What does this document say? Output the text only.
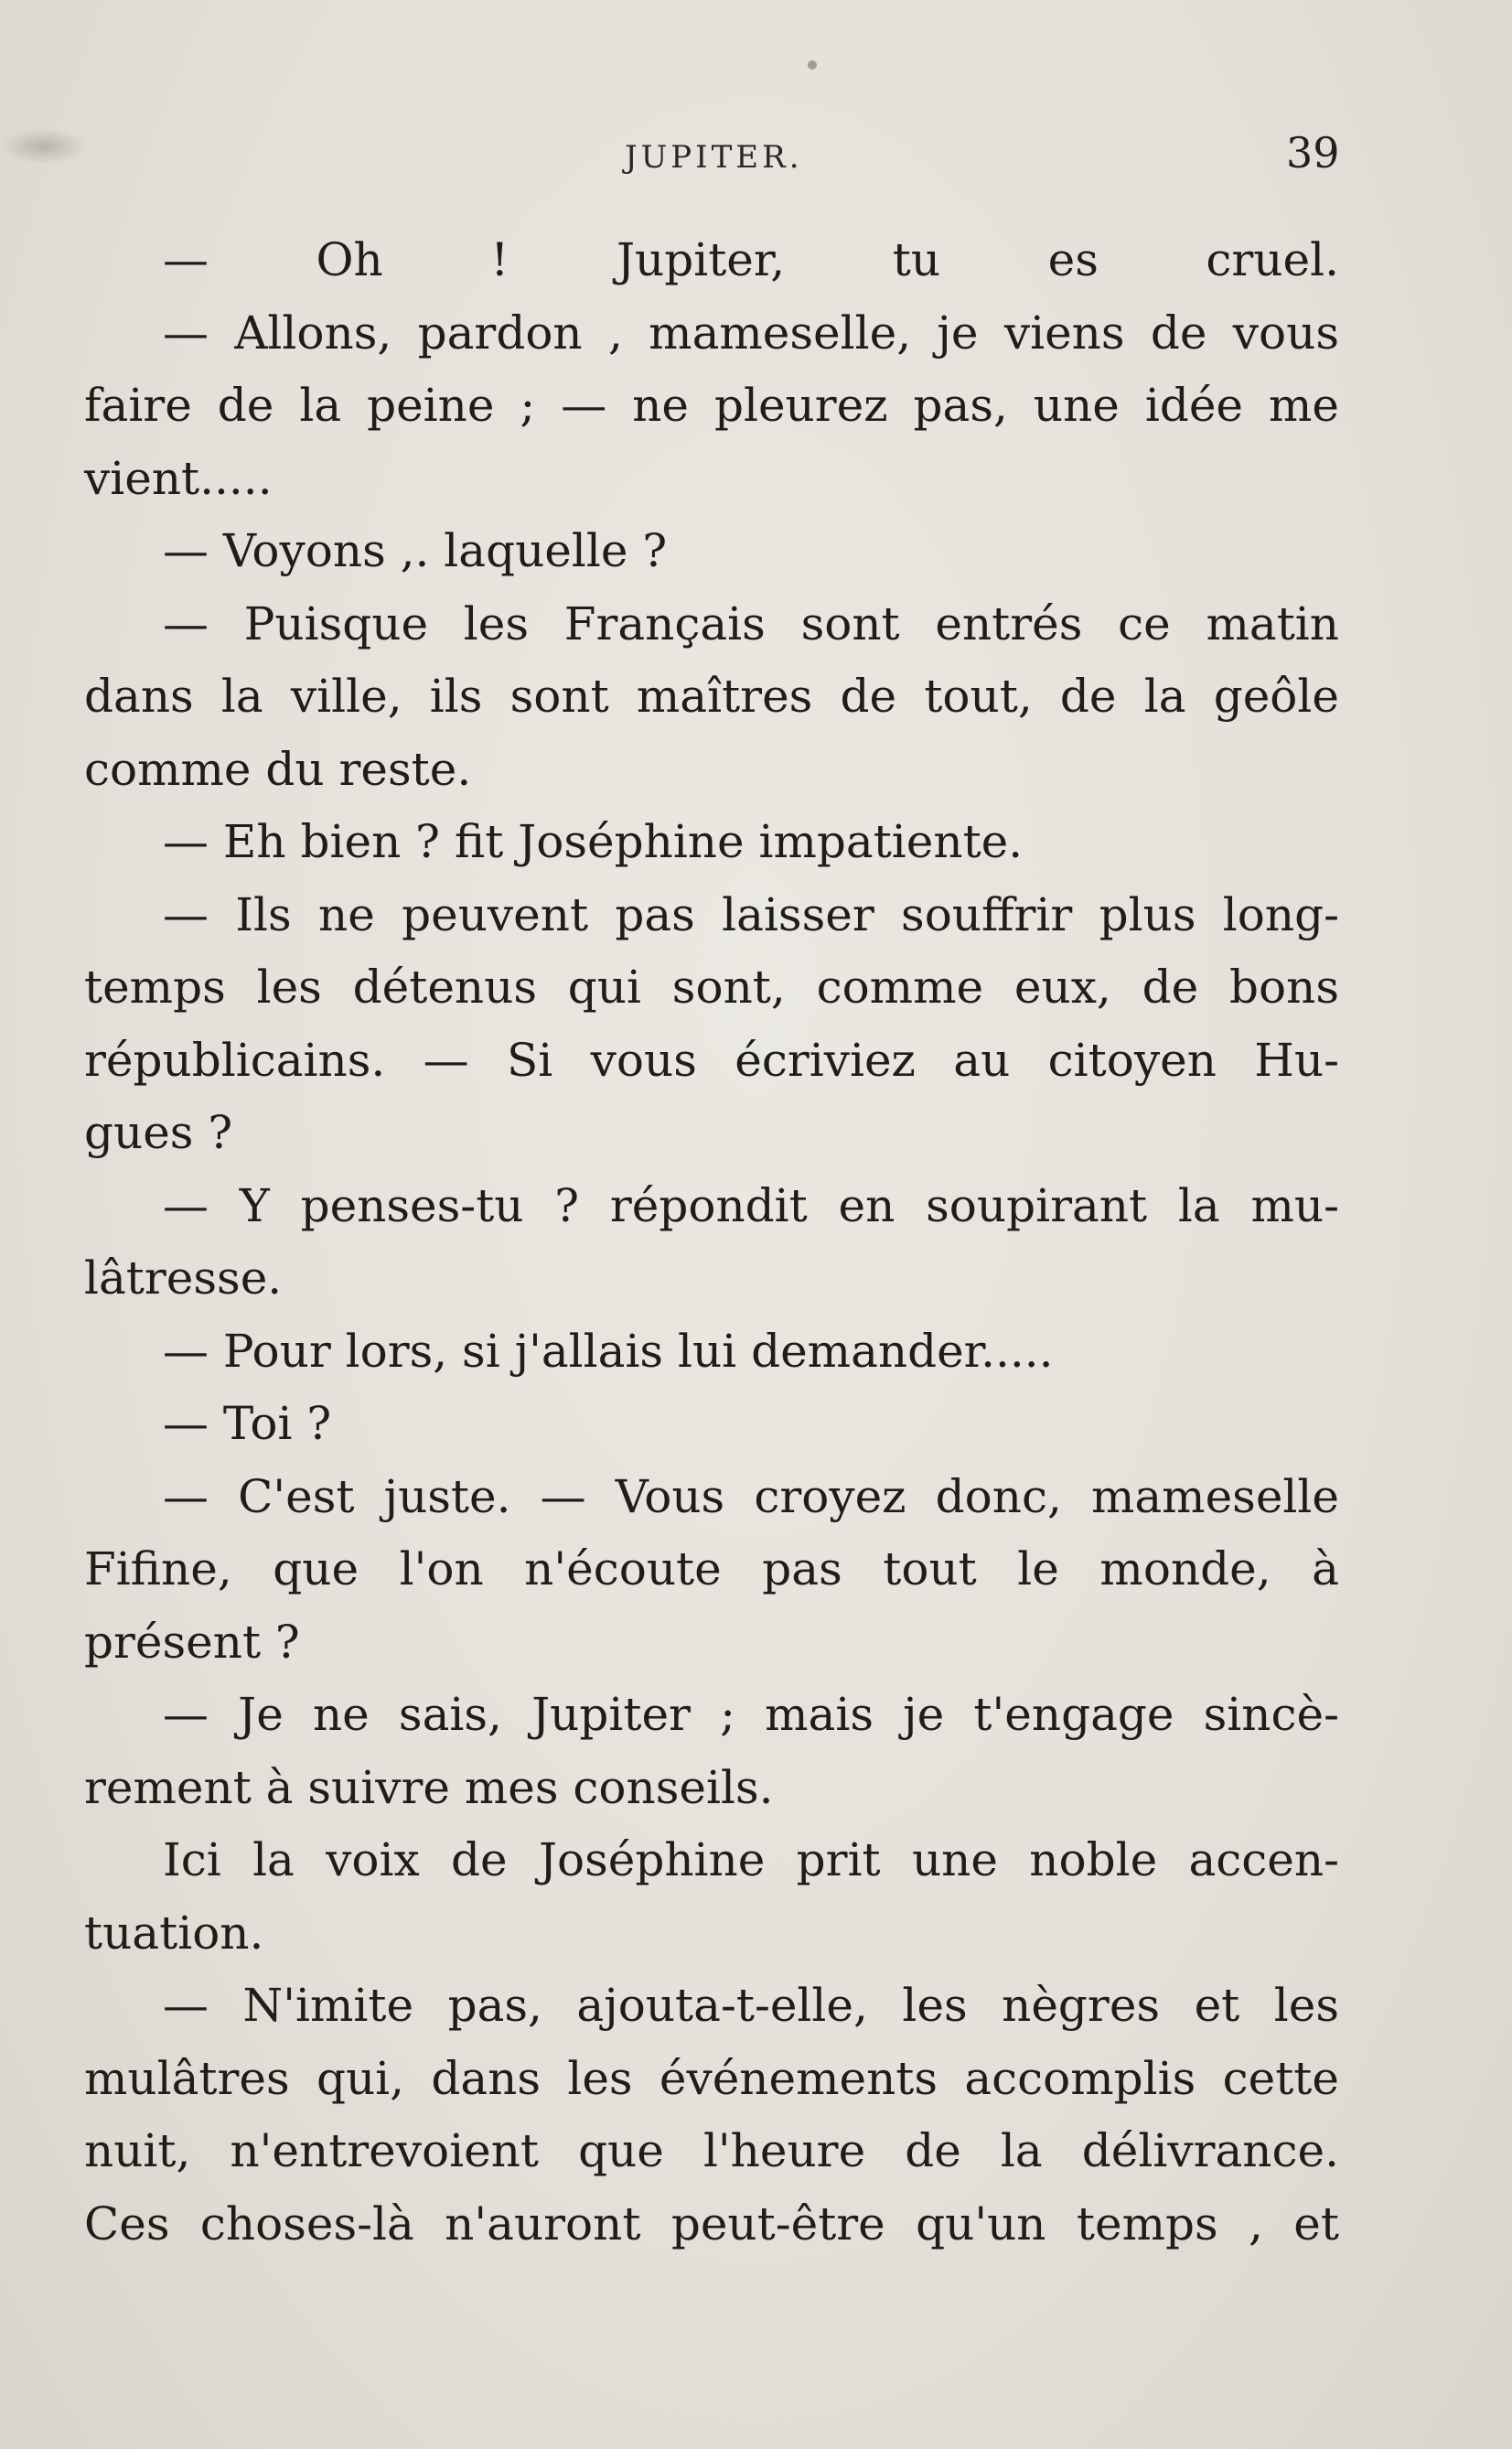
JUPITER.	39
— Oh ! Jupiter, tu es cruel.
— Allons, pardon , mameselle, je viens de vous
faire de la peine ; — ne pleurez pas, une idée me
vient.....
— Voyons ,. laquelle ?
— Puisque les Français sont entrés ce matin
dans la ville, ils sont maîtres de tout, de la geôle
comme du reste.
— Eh bien ? fit Joséphine impatiente.
— Ils ne peuvent pas laisser souffrir plus long-
temps les détenus qui sont, comme eux, de bons
républicains. — Si vous écriviez au citoyen Hu-
gues ?
— Y penses-tu ? répondit en soupirant la mu-
lâtresse.
— Pour lors, si j'allais lui demander.....
— Toi ?
— C'est juste. — Vous croyez donc, mameselle
Fifine, que l'on n'écoute pas tout le monde, à
présent ?
— Je ne sais, Jupiter ; mais je t'engage sincè-
rement à suivre mes conseils.
Ici la voix de Joséphine prit une noble accen-
tuation.
— N'imite pas, ajouta-t-elle, les nègres et les
mulâtres qui, dans les événements accomplis cette
nuit, n'entrevoient que l'heure de la délivrance.
Ces choses-là n'auront peut-être qu'un temps , et
